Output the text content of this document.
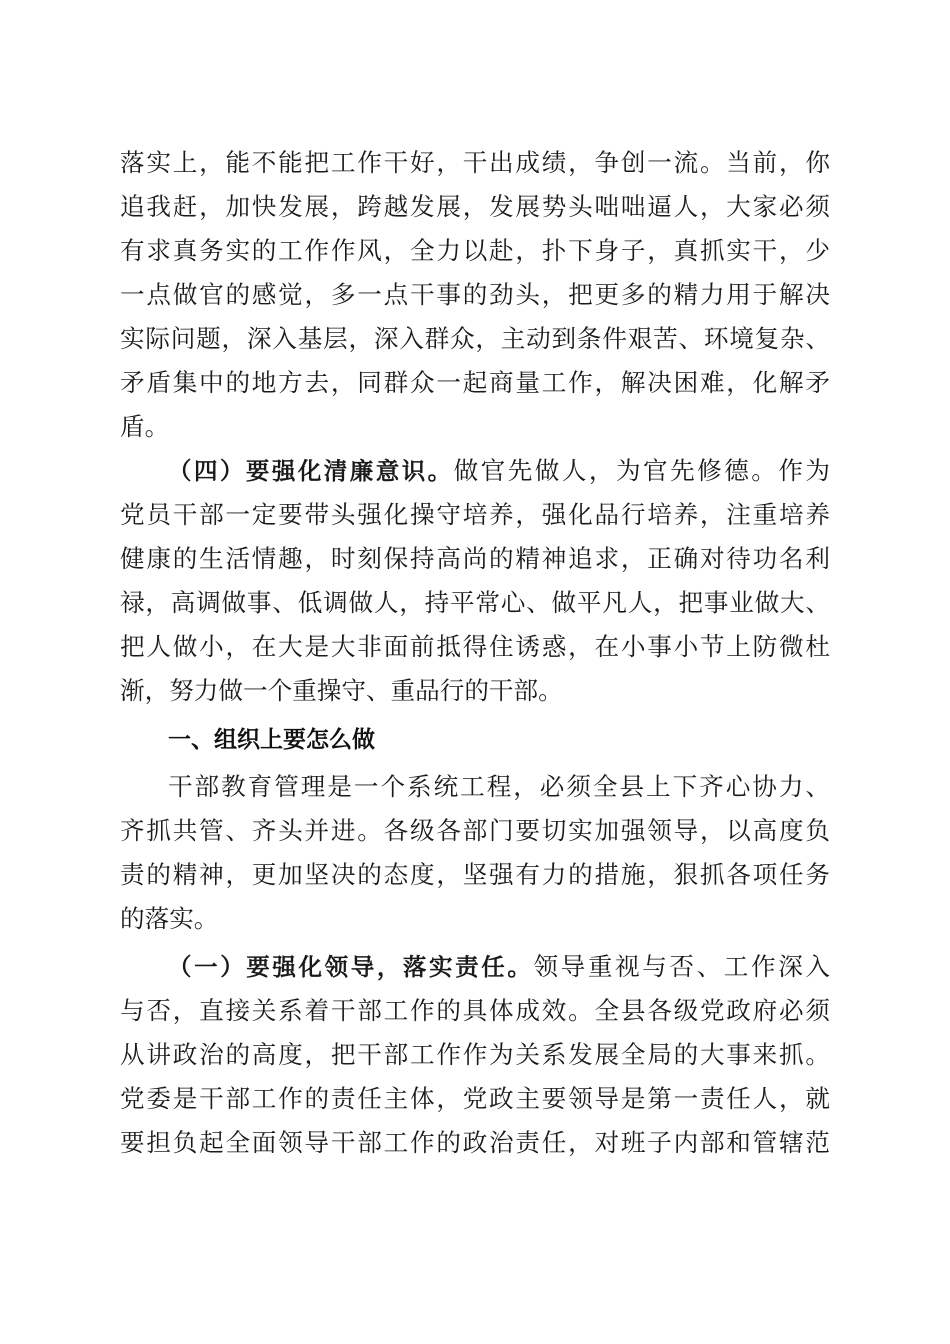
落实上，能不能把工作干好，干出成绩，争创一流。当前，你
追我赶，加快发展，跨越发展，发展势头咄咄逼人，大家必须
有求真务实的工作作风，全力以赴，扑下身子，真抓实干，少
一点做官的感觉，多一点干事的劲头，把更多的精力用于解决
实际问题，深入基层，深入群众，主动到条件艰苦、环境复杂、
矛盾集中的地方去，同群众一起商量工作，解决困难，化解矛
盾。
（四）要强化清廉意识。做官先做人，为官先修德。作为
党员干部一定要带头强化操守培养，强化品行培养，注重培养
健康的生活情趣，时刻保持高尚的精神追求，正确对待功名利
禄，高调做事、低调做人，持平常心、做平凡人，把事业做大、
把人做小，在大是大非面前抵得住诱惑，在小事小节上防微杜
渐，努力做一个重操守、重品行的干部。
一、组织上要怎么做
干部教育管理是一个系统工程，必须全县上下齐心协力、
齐抓共管、齐头并进。各级各部门要切实加强领导，以高度负
责的精神，更加坚决的态度，坚强有力的措施，狠抓各项任务
的落实。
（一）要强化领导，落实责任。领导重视与否、工作深入
与否，直接关系着干部工作的具体成效。全县各级党政府必须
从讲政治的高度，把干部工作作为关系发展全局的大事来抓。
党委是干部工作的责任主体，党政主要领导是第一责任人，就
要担负起全面领导干部工作的政治责任，对班子内部和管辖范
